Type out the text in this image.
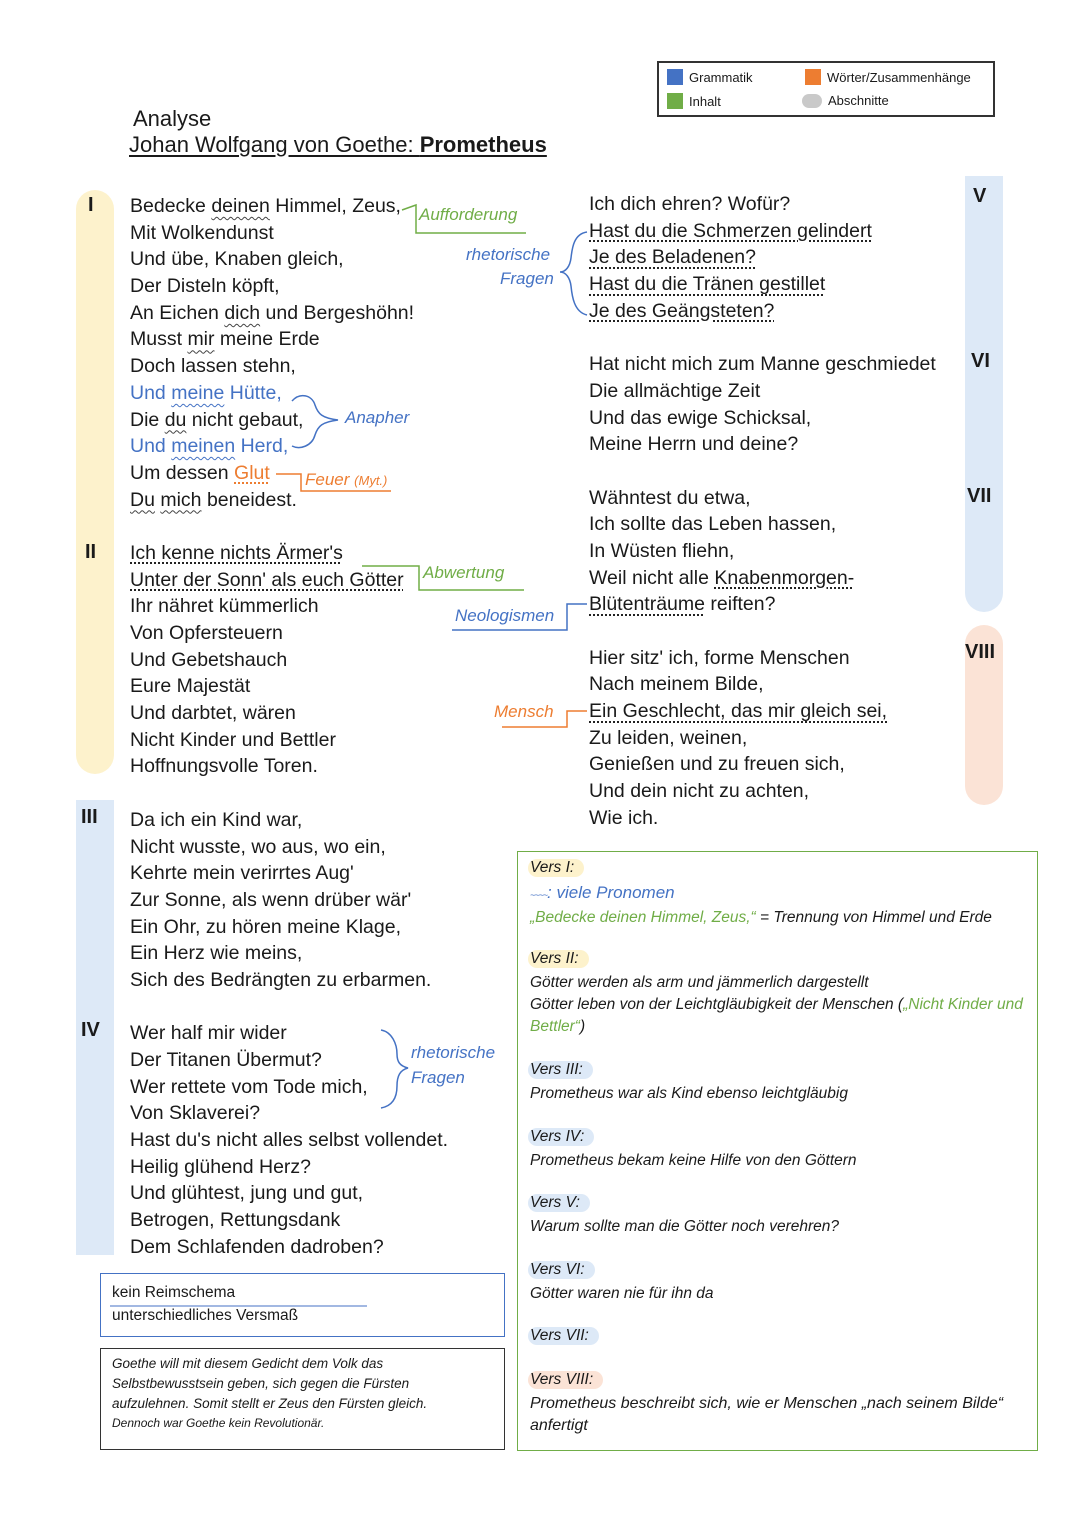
Grammatik	Wörter/Zusammenhänge
Inhalt	Abschnitte
Analyse
Johan Wolfgang von Goethe: Prometheus
I
II
III
IV
V
VI
VII
VIII
Bedecke deinen Himmel, Zeus,
Mit Wolkendunst
Und übe, Knaben gleich,
Der Disteln köpft,
An Eichen dich und Bergeshöhn!
Musst mir meine Erde
Doch lassen stehn,
Und meine Hütte,
Die du nicht gebaut,
Und meinen Herd,
Um dessen Glut
Du mich beneidest.
Ich kenne nichts Ärmer's
Unter der Sonn' als euch Götter
Ihr nähret kümmerlich
Von Opfersteuern
Und Gebetshauch
Eure Majestät
Und darbtet, wären
Nicht Kinder und Bettler
Hoffnungsvolle Toren.
Da ich ein Kind war,
Nicht wusste, wo aus, wo ein,
Kehrte mein verirrtes Aug'
Zur Sonne, als wenn drüber wär'
Ein Ohr, zu hören meine Klage,
Ein Herz wie meins,
Sich des Bedrängten zu erbarmen.
Wer half mir wider
Der Titanen Übermut?
Wer rettete vom Tode mich,
Von Sklaverei?
Hast du's nicht alles selbst vollendet.
Heilig glühend Herz?
Und glühtest, jung und gut,
Betrogen, Rettungsdank
Dem Schlafenden dadroben?
Ich dich ehren? Wofür?
Hast du die Schmerzen gelindert
Je des Beladenen?
Hast du die Tränen gestillet
Je des Geängsteten?
Hat nicht mich zum Manne geschmiedet
Die allmächtige Zeit
Und das ewige Schicksal,
Meine Herrn und deine?
Wähntest du etwa,
Ich sollte das Leben hassen,
In Wüsten fliehn,
Weil nicht alle Knabenmorgen-
Blütenträume reiften?
Hier sitz' ich, forme Menschen
Nach meinem Bilde,
Ein Geschlecht, das mir gleich sei,
Zu leiden, weinen,
Genießen und zu freuen sich,
Und dein nicht zu achten,
Wie ich.
Aufforderung
rhetorische
Fragen
Anapher
Feuer (Myt.)
Abwertung
Neologismen
Mensch
rhetorische
Fragen
kein Reimschema
unterschiedliches Versmaß
Goethe will mit diesem Gedicht dem Volk das
Selbstbewusstsein geben, sich gegen die Fürsten
aufzulehnen. Somit stellt er Zeus den Fürsten gleich.
Dennoch war Goethe kein Revolutionär.
Vers I:
~~~~: viele Pronomen
„Bedecke deinen Himmel, Zeus,“ = Trennung von Himmel und Erde
Vers II:
Götter werden als arm und jämmerlich dargestellt
Götter leben von der Leichtgläubigkeit der Menschen („Nicht Kinder und Bettler“)
Vers III:
Prometheus war als Kind ebenso leichtgläubig
Vers IV:
Prometheus bekam keine Hilfe von den Göttern
Vers V:
Warum sollte man die Götter noch verehren?
Vers VI:
Götter waren nie für ihn da
Vers VII:
Vers VIII:
Prometheus beschreibt sich, wie er Menschen „nach seinem Bilde“ anfertigt
